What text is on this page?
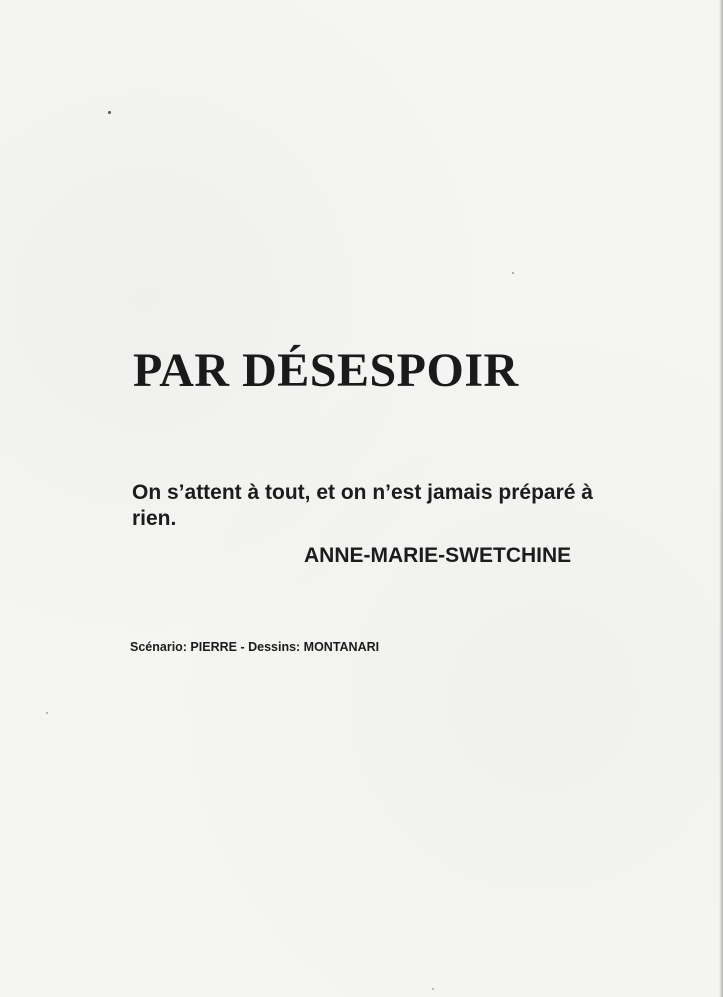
PAR DÉSESPOIR

On s’attent à tout, et on n’est jamais préparé à rien.

ANNE-MARIE-SWETCHINE

Scénario: PIERRE - Dessins: MONTANARI
